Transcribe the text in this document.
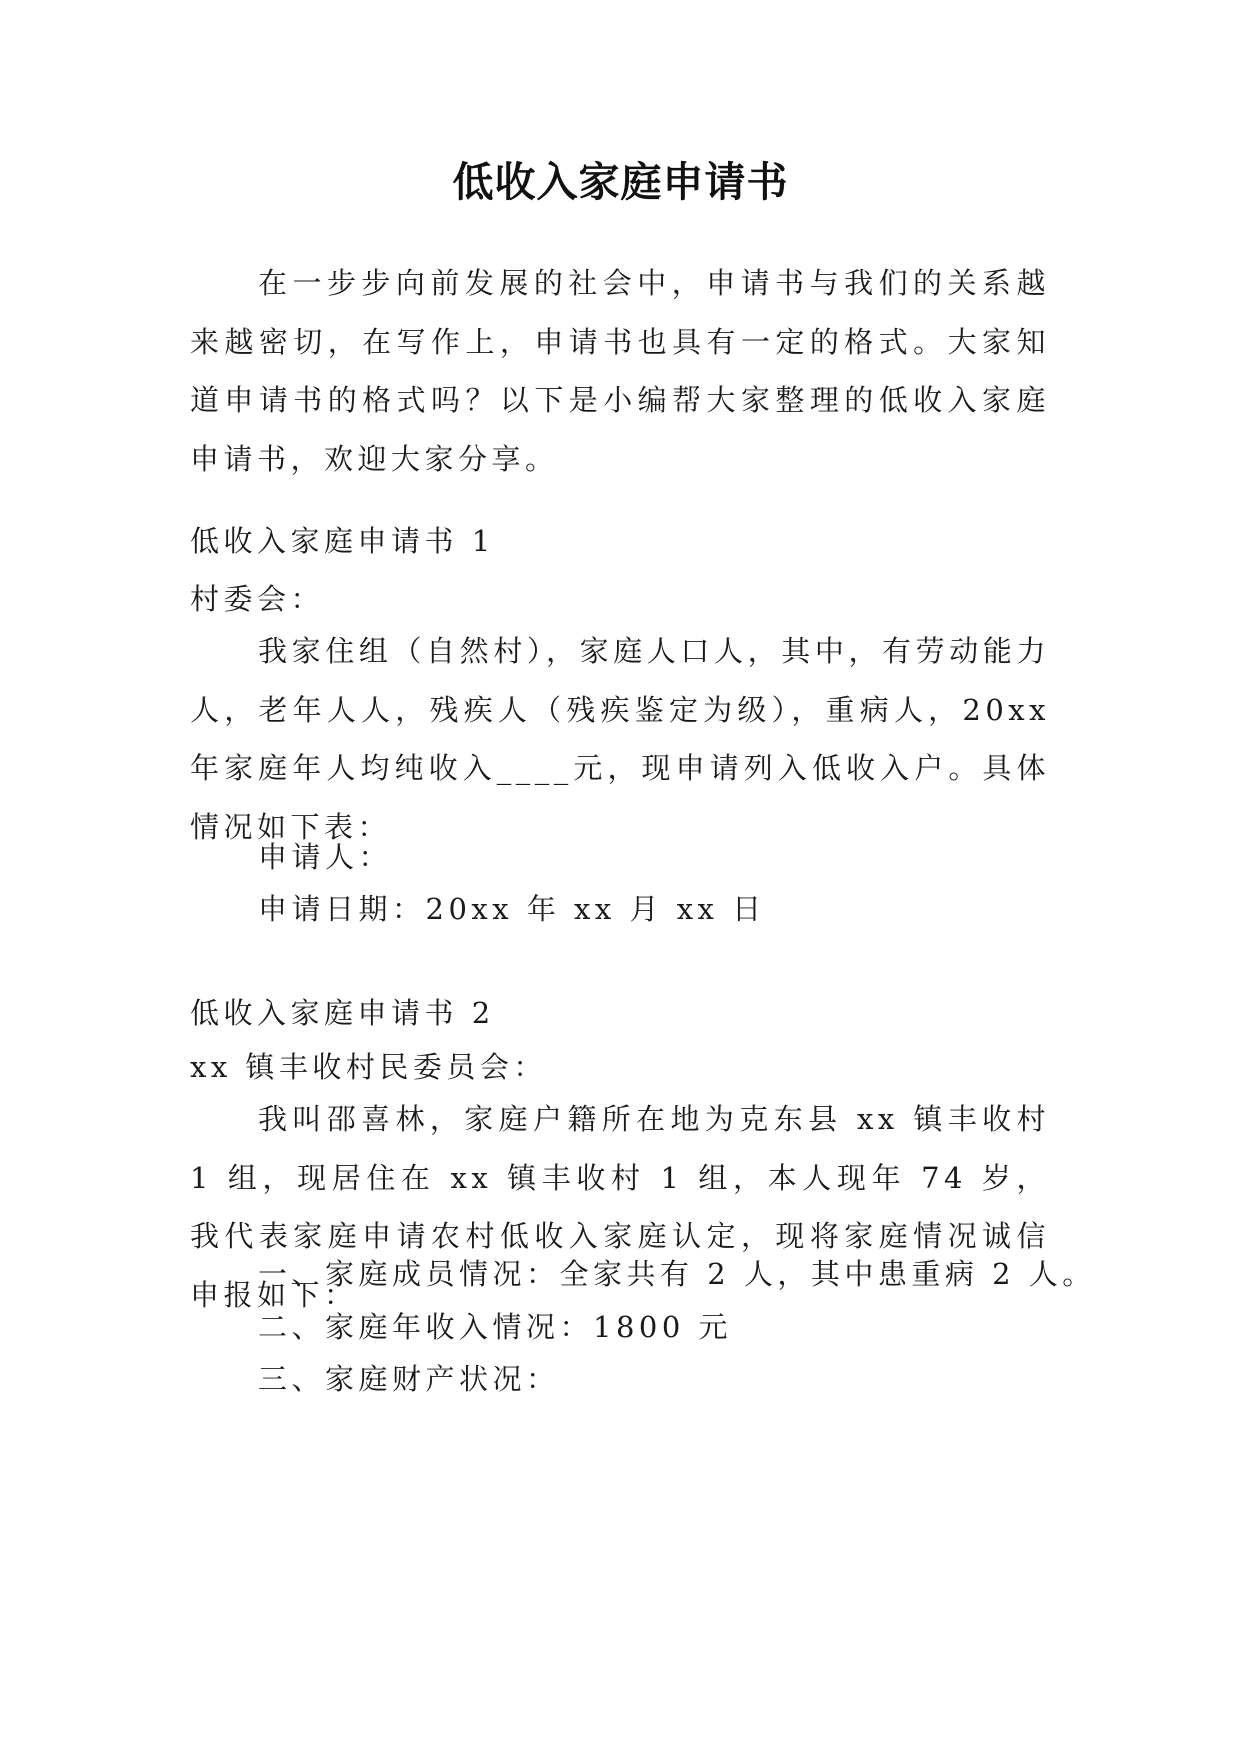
低收入家庭申请书

在一步步向前发展的社会中，申请书与我们的关系越来越密切，在写作上，申请书也具有一定的格式。大家知道申请书的格式吗？以下是小编帮大家整理的低收入家庭申请书，欢迎大家分享。

低收入家庭申请书 1

村委会：

我家住组（自然村），家庭人口人，其中，有劳动能力人，老年人人，残疾人（残疾鉴定为级），重病人，20xx 年家庭年人均纯收入____元，现申请列入低收入户。具体情况如下表：

申请人：

申请日期：20xx 年 xx 月 xx 日

低收入家庭申请书 2

xx 镇丰收村民委员会：

我叫邵喜林，家庭户籍所在地为克东县 xx 镇丰收村 1 组，现居住在 xx 镇丰收村 1 组，本人现年 74 岁，我代表家庭申请农村低收入家庭认定，现将家庭情况诚信申报如下：

一、家庭成员情况：全家共有 2 人，其中患重病 2 人。

二、家庭年收入情况：1800 元

三、家庭财产状况：
